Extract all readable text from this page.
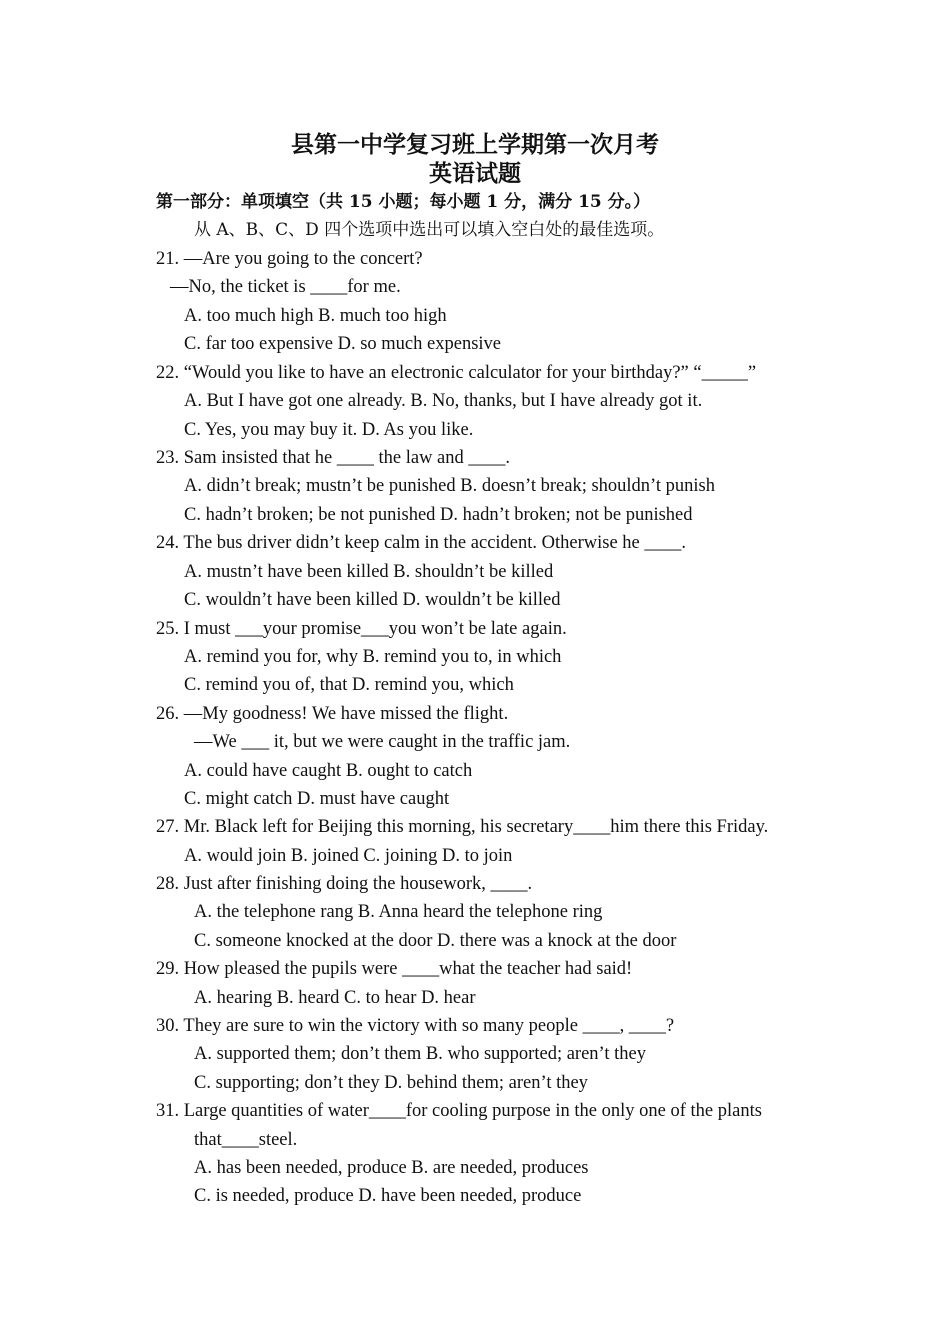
县第一中学复习班上学期第一次月考
英语试题
第一部分：单项填空（共 15 小题；每小题 1 分，满分 15 分。）
从 A、B、C、D 四个选项中选出可以填入空白处的最佳选项。
21. —Are you going to the concert?
—No, the ticket is ____for me.
A. too much high B. much too high
C. far too expensive D. so much expensive
22. “Would you like to have an electronic calculator for your birthday?” “_____”
A. But I have got one already. B. No, thanks, but I have already got it.
C. Yes, you may buy it. D. As you like.
23. Sam insisted that he ____ the law and ____.
A. didn’t break; mustn’t be punished B. doesn’t break; shouldn’t punish
C. hadn’t broken; be not punished D. hadn’t broken; not be punished
24. The bus driver didn’t keep calm in the accident. Otherwise he ____.
A. mustn’t have been killed B. shouldn’t be killed
C. wouldn’t have been killed D. wouldn’t be killed
25. I must ___your promise___you won’t be late again.
A. remind you for, why B. remind you to, in which
C. remind you of, that D. remind you, which
26. —My goodness! We have missed the flight.
—We ___ it, but we were caught in the traffic jam.
A. could have caught B. ought to catch
C. might catch D. must have caught
27. Mr. Black left for Beijing this morning, his secretary____him there this Friday.
A. would join B. joined C. joining D. to join
28. Just after finishing doing the housework, ____.
A. the telephone rang B. Anna heard the telephone ring
C. someone knocked at the door D. there was a knock at the door
29. How pleased the pupils were ____what the teacher had said!
A. hearing B. heard C. to hear D. hear
30. They are sure to win the victory with so many people ____, ____?
A. supported them; don’t them B. who supported; aren’t they
C. supporting; don’t they D. behind them; aren’t they
31. Large quantities of water____for cooling purpose in the only one of the plants
that____steel.
A. has been needed, produce B. are needed, produces
C. is needed, produce D. have been needed, produce
